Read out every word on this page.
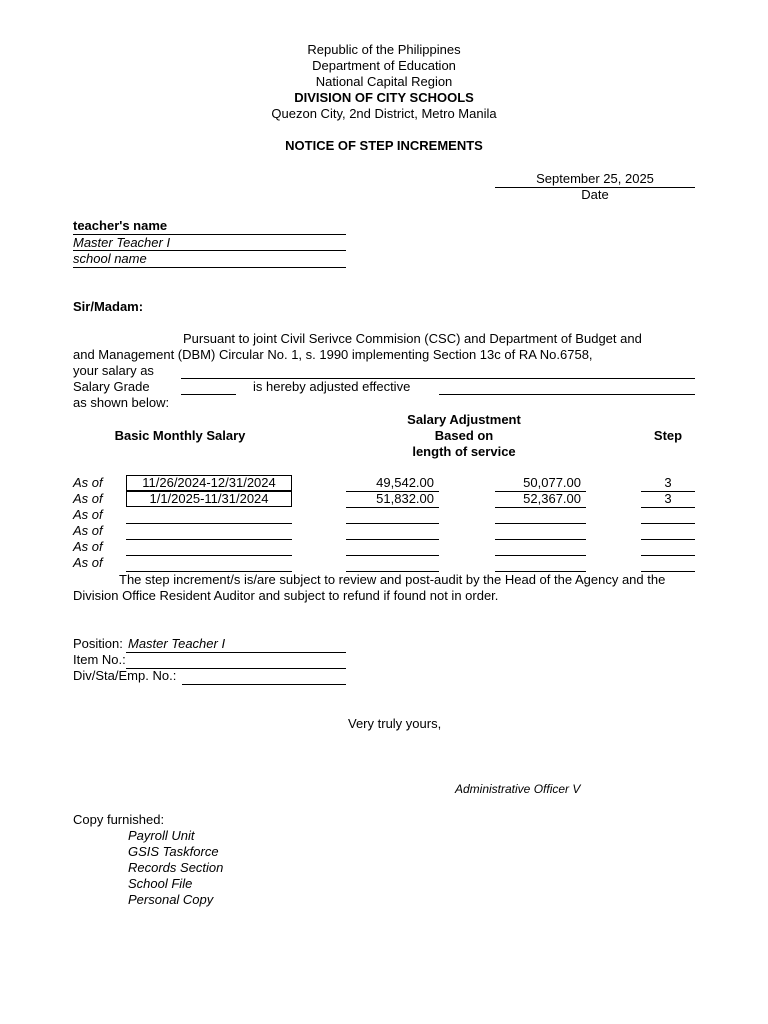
Republic of the Philippines
Department of Education
National Capital Region
DIVISION OF CITY SCHOOLS
Quezon City, 2nd District, Metro Manila
NOTICE OF STEP INCREMENTS
September 25, 2025
Date
teacher's name
Master Teacher I
school name
Sir/Madam:
Pursuant to joint Civil Serivce Commision (CSC) and Department of Budget and
and Management (DBM) Circular No. 1, s. 1990 implementing Section 13c of RA No.6758,
your salary as
Salary Grade	is hereby adjusted effective
as shown below:
Basic Monthly Salary
Salary Adjustment
Based on
length of service
Step
As of	11/26/2024-12/31/2024	49,542.00	50,077.00	3
As of	1/1/2025-11/31/2024	51,832.00	52,367.00	3
As of
As of
As of
As of
The step increment/s is/are subject to review and post-audit by the Head of the Agency and the
Division Office Resident Auditor and subject to refund if found not in order.
Position: Master Teacher I
Item No.:
Div/Sta/Emp. No.:
Very truly yours,
Administrative Officer V
Copy furnished:
Payroll Unit
GSIS Taskforce
Records Section
School File
Personal Copy
